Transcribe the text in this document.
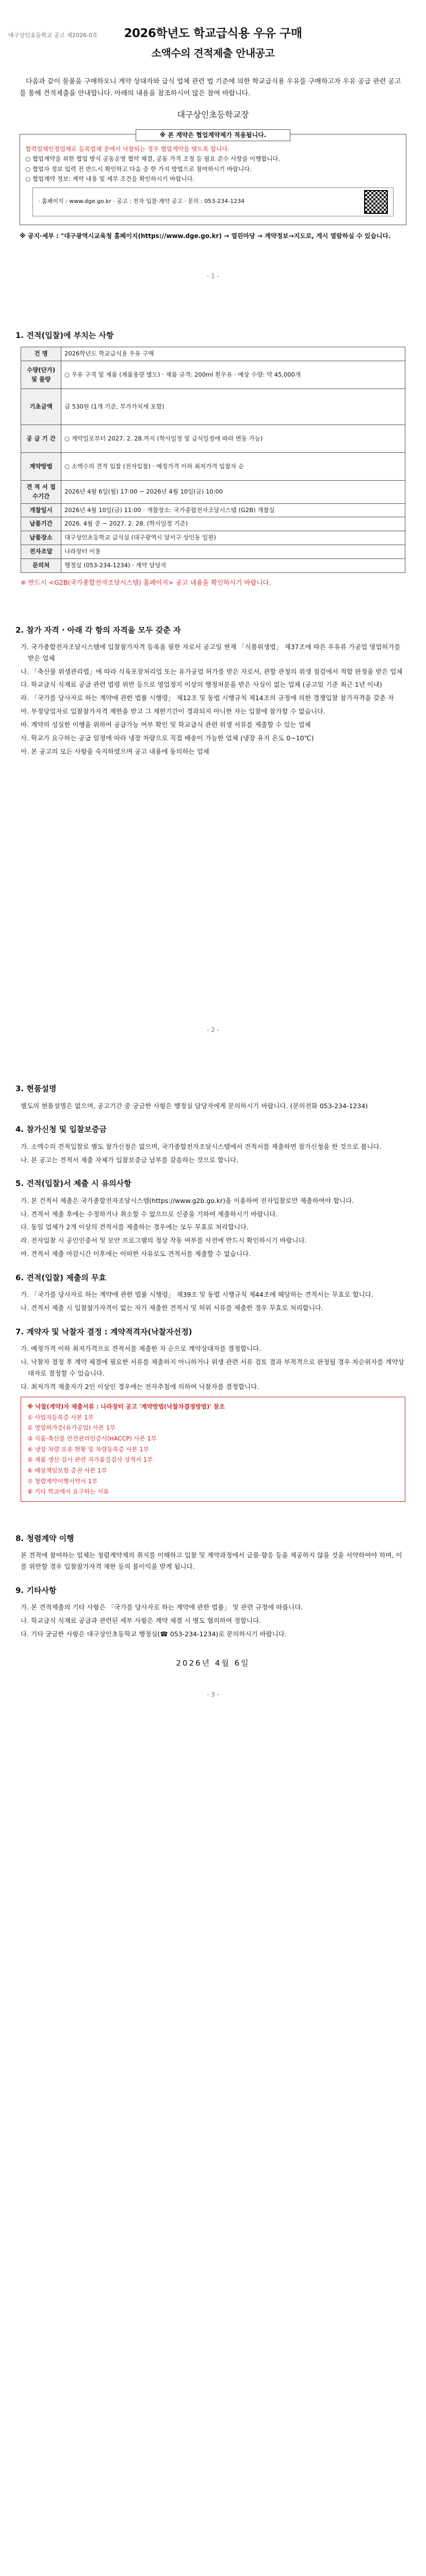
대구상인초등학교 공고 제2026-0호	2026학년도 학교급식용 우유 구매
소액수의 견적제출 안내공고
다음과 같이 물품을 구매하오니 계약 상대자와 급식 업체 관련 법 기준에 의한 학교급식용 우유를 구매하고자 우유 공급 관련 공고를 통해 견적제출을 안내합니다. 아래의 내용을 참조하시어 많은 참여 바랍니다.
대구상인초등학교장
※ 본 계약은 협업계약제가 적용됩니다.

협력업체인정업체로 등록업체 중에서 낙찰되는 경우 협업계약을 맺도록 합니다.

○ 협업계약을 위한 협업 방식 공동운영 협약 체결, 공동 가격 조정 등 필요 준수 사항을 이행합니다.

○ 협업자 정보 입력 전 반드시 확인하고 다음 중 한 가지 방법으로 참여하시기 바랍니다.

○ 협업계약 정보: 계약 내용 및 세부 조건을 확인하시기 바랍니다.

· 홈페이지 : www.dge.go.kr · 공고 : 전자 입찰·계약 공고 · 문의 : 053-234-1234
※ 공지·세부 : "대구광역시교육청 홈페이지(https://www.dge.go.kr) → 열린마당 → 계약정보→지도로, 게시 열람하실 수 있습니다.
- 1 -
1. 견적(입찰)에 부치는 사항
건 명	2026학년도 학교급식용 우유 구매
수량(단가) 및 물량	○ 우유 구격 및 제품 (제품용량 별도) · 제품 규격: 200ml 흰우유 · 예상 수량: 약 45,000개
기초금액	금 530원 (1개 기준, 부가가치세 포함)
공 급 기 간	○ 계약일로부터 2027. 2. 28.까지 (학사일정 및 급식일정에 따라 변동 가능)
계약방법	○ 소액수의 견적 입찰 (전자입찰) · 예정가격 이하 최저가격 입찰자 순
견 적 서 접수기간	2026년 4월 6일(월) 17:00 ~ 2026년 4월 10일(금) 10:00
개찰일시	2026년 4월 10일(금) 11:00 · 개찰장소: 국가종합전자조달시스템 (G2B) 개찰실
납품기간	2026. 4월 중 ~ 2027. 2. 28. (학사일정 기준)
납품장소	대구상인초등학교 급식실 (대구광역시 달서구 상인동 일원)
전자조달	나라장터 이용
문의처	행정실 (053-234-1234) · 계약 담당자

※ 반드시 <G2B(국가종합전자조달시스템) 홈페이지> 공고 내용을 확인하시기 바랍니다.

2. 참가 자격 · 아래 각 항의 자격을 모두 갖춘 자

가. 국가종합전자조달시스템에 입찰참가자격 등록을 필한 자로서 공고일 현재 「식품위생법」 제37조에 따른 우유류 가공업 영업허가를 받은 업체

나. 「축산물 위생관리법」에 따라 식육포장처리업 또는 유가공업 허가를 받은 자로서, 관할 관청의 위생 점검에서 적합 판정을 받은 업체

다. 학교급식 식재료 공급 관련 법령 위반 등으로 영업정지 이상의 행정처분을 받은 사실이 없는 업체 (공고일 기준 최근 1년 이내)

라. 「국가를 당사자로 하는 계약에 관한 법률 시행령」 제12조 및 동법 시행규칙 제14조의 규정에 의한 경쟁입찰 참가자격을 갖춘 자

마. 부정당업자로 입찰참가자격 제한을 받고 그 제한기간이 경과되지 아니한 자는 입찰에 참가할 수 없습니다.

바. 계약의 성실한 이행을 위하여 공급가능 여부 확인 및 학교급식 관련 위생 서류를 제출할 수 있는 업체

사. 학교가 요구하는 공급 일정에 따라 냉장 차량으로 직접 배송이 가능한 업체 (냉장 유지 온도 0~10℃)

아. 본 공고의 모든 사항을 숙지하였으며 공고 내용에 동의하는 업체

- 2 -
3. 현품설명

별도의 현품설명은 없으며, 공고기간 중 궁금한 사항은 행정실 담당자에게 문의하시기 바랍니다. (문의전화 053-234-1234)

4. 참가신청 및 입찰보증금

가. 소액수의 견적입찰로 별도 참가신청은 없으며, 국가종합전자조달시스템에서 견적서를 제출하면 참가신청을 한 것으로 봅니다.

나. 본 공고는 견적서 제출 자체가 입찰보증금 납부를 갈음하는 것으로 합니다.

5. 견적(입찰)서 제출 시 유의사항

가. 본 건적서 제출은 국가종합전자조달시스템(https://www.g2b.go.kr)을 이용하여 전자입찰로만 제출하여야 합니다.

나. 견적서 제출 후에는 수정하거나 취소할 수 없으므로 신중을 기하여 제출하시기 바랍니다.

다. 동일 업체가 2개 이상의 견적서를 제출하는 경우에는 모두 무효로 처리합니다.

라. 전자입찰 시 공인인증서 및 보안 프로그램의 정상 작동 여부를 사전에 반드시 확인하시기 바랍니다.

마. 견적서 제출 마감시간 이후에는 어떠한 사유로도 견적서를 제출할 수 없습니다.

6. 견적(입찰) 제출의 무효

가. 「국가를 당사자로 하는 계약에 관한 법률 시행령」 제39조 및 동법 시행규칙 제44조에 해당하는 견적서는 무효로 합니다.

나. 견적서 제출 시 입찰참가자격이 없는 자가 제출한 견적서 및 허위 서류를 제출한 경우 무효로 처리합니다.

7. 계약자 및 낙찰자 결정 : 계약적격자(낙찰자선정)

가. 예정가격 이하 최저가격으로 견적서를 제출한 자 순으로 계약상대자를 결정합니다.

나. 낙찰자 결정 후 계약 체결에 필요한 서류를 제출하지 아니하거나 위생 관련 서류 검토 결과 부적격으로 판정될 경우 차순위자를 계약상대자로 결정할 수 있습니다.

다. 최저가격 제출자가 2인 이상인 경우에는 전자추첨에 의하여 낙찰자를 결정합니다.

※ 낙찰(계약)자 제출서류 : 나라장터 공고 '계약방법(낙찰자결정방법)' 참조
① 사업자등록증 사본 1부
② 영업허가증(유가공업) 사본 1부
③ 식품·축산물 안전관리인증서(HACCP) 사본 1부
④ 냉장 차량 보유 현황 및 차량등록증 사본 1부
⑤ 제품 생산·검사 관련 자가품질검사 성적서 1부
⑥ 배상책임보험 증권 사본 1부
⑦ 청렴계약이행서약서 1부
⑧ 기타 학교에서 요구하는 서류
8. 청렴계약 이행

본 견적에 참여하는 업체는 청렴계약제의 취지를 이해하고 입찰 및 계약과정에서 금품·향응 등을 제공하지 않을 것을 서약하여야 하며, 이를 위반할 경우 입찰참가자격 제한 등의 불이익을 받게 됩니다.

9. 기타사항

가. 본 견적제출의 기타 사항은 「국가를 당사자로 하는 계약에 관한 법률」 및 관련 규정에 따릅니다.

나. 학교급식 식재료 공급과 관련된 세부 사항은 계약 체결 시 별도 협의하여 정합니다.

다. 기타 궁금한 사항은 대구상인초등학교 행정실(☎ 053-234-1234)로 문의하시기 바랍니다.

2026년 4월 6일
- 3 -
